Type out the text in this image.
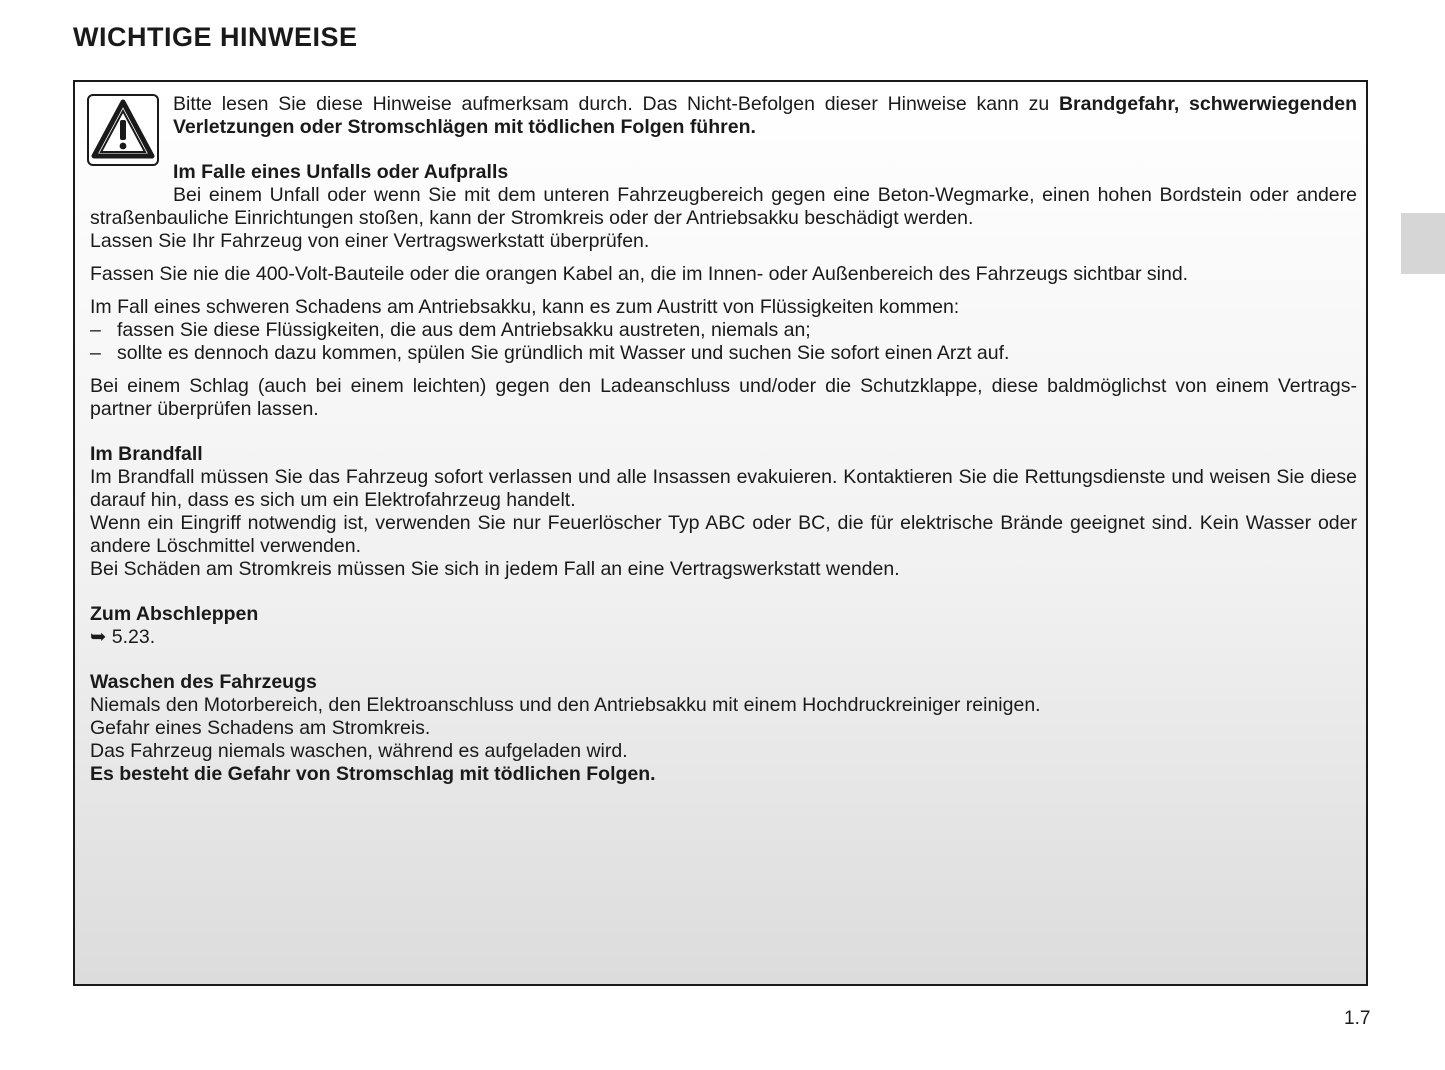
WICHTIGE HINWEISE

Bitte lesen Sie diese Hinweise aufmerksam durch. Das Nicht-Befolgen dieser Hinweise kann zu Brandgefahr, schwerwiegenden Verletzungen oder Stromschlägen mit tödlichen Folgen führen.

Im Falle eines Unfalls oder Aufpralls

Bei einem Unfall oder wenn Sie mit dem unteren Fahrzeugbereich gegen eine Beton-Wegmarke, einen hohen Bordstein oder andere straßenbauliche Einrichtungen stoßen, kann der Stromkreis oder der Antriebsakku beschädigt werden.

Lassen Sie Ihr Fahrzeug von einer Vertragswerkstatt überprüfen.

Fassen Sie nie die 400-Volt-Bauteile oder die orangen Kabel an, die im Innen- oder Außenbereich des Fahrzeugs sichtbar sind.

Im Fall eines schweren Schadens am Antriebsakku, kann es zum Austritt von Flüssigkeiten kommen:

– fassen Sie diese Flüssigkeiten, die aus dem Antriebsakku austreten, niemals an;
– sollte es dennoch dazu kommen, spülen Sie gründlich mit Wasser und suchen Sie sofort einen Arzt auf.

Bei einem Schlag (auch bei einem leichten) gegen den Ladeanschluss und/oder die Schutzklappe, diese baldmöglichst von einem Vertrags-partner überprüfen lassen.

Im Brandfall

Im Brandfall müssen Sie das Fahrzeug sofort verlassen und alle Insassen evakuieren. Kontaktieren Sie die Rettungsdienste und weisen Sie diese darauf hin, dass es sich um ein Elektrofahrzeug handelt.

Wenn ein Eingriff notwendig ist, verwenden Sie nur Feuerlöscher Typ ABC oder BC, die für elektrische Brände geeignet sind. Kein Wasser oder andere Löschmittel verwenden.

Bei Schäden am Stromkreis müssen Sie sich in jedem Fall an eine Vertragswerkstatt wenden.

Zum Abschleppen

➥ 5.23.

Waschen des Fahrzeugs

Niemals den Motorbereich, den Elektroanschluss und den Antriebsakku mit einem Hochdruckreiniger reinigen.

Gefahr eines Schadens am Stromkreis.

Das Fahrzeug niemals waschen, während es aufgeladen wird.

Es besteht die Gefahr von Stromschlag mit tödlichen Folgen.

1.7
